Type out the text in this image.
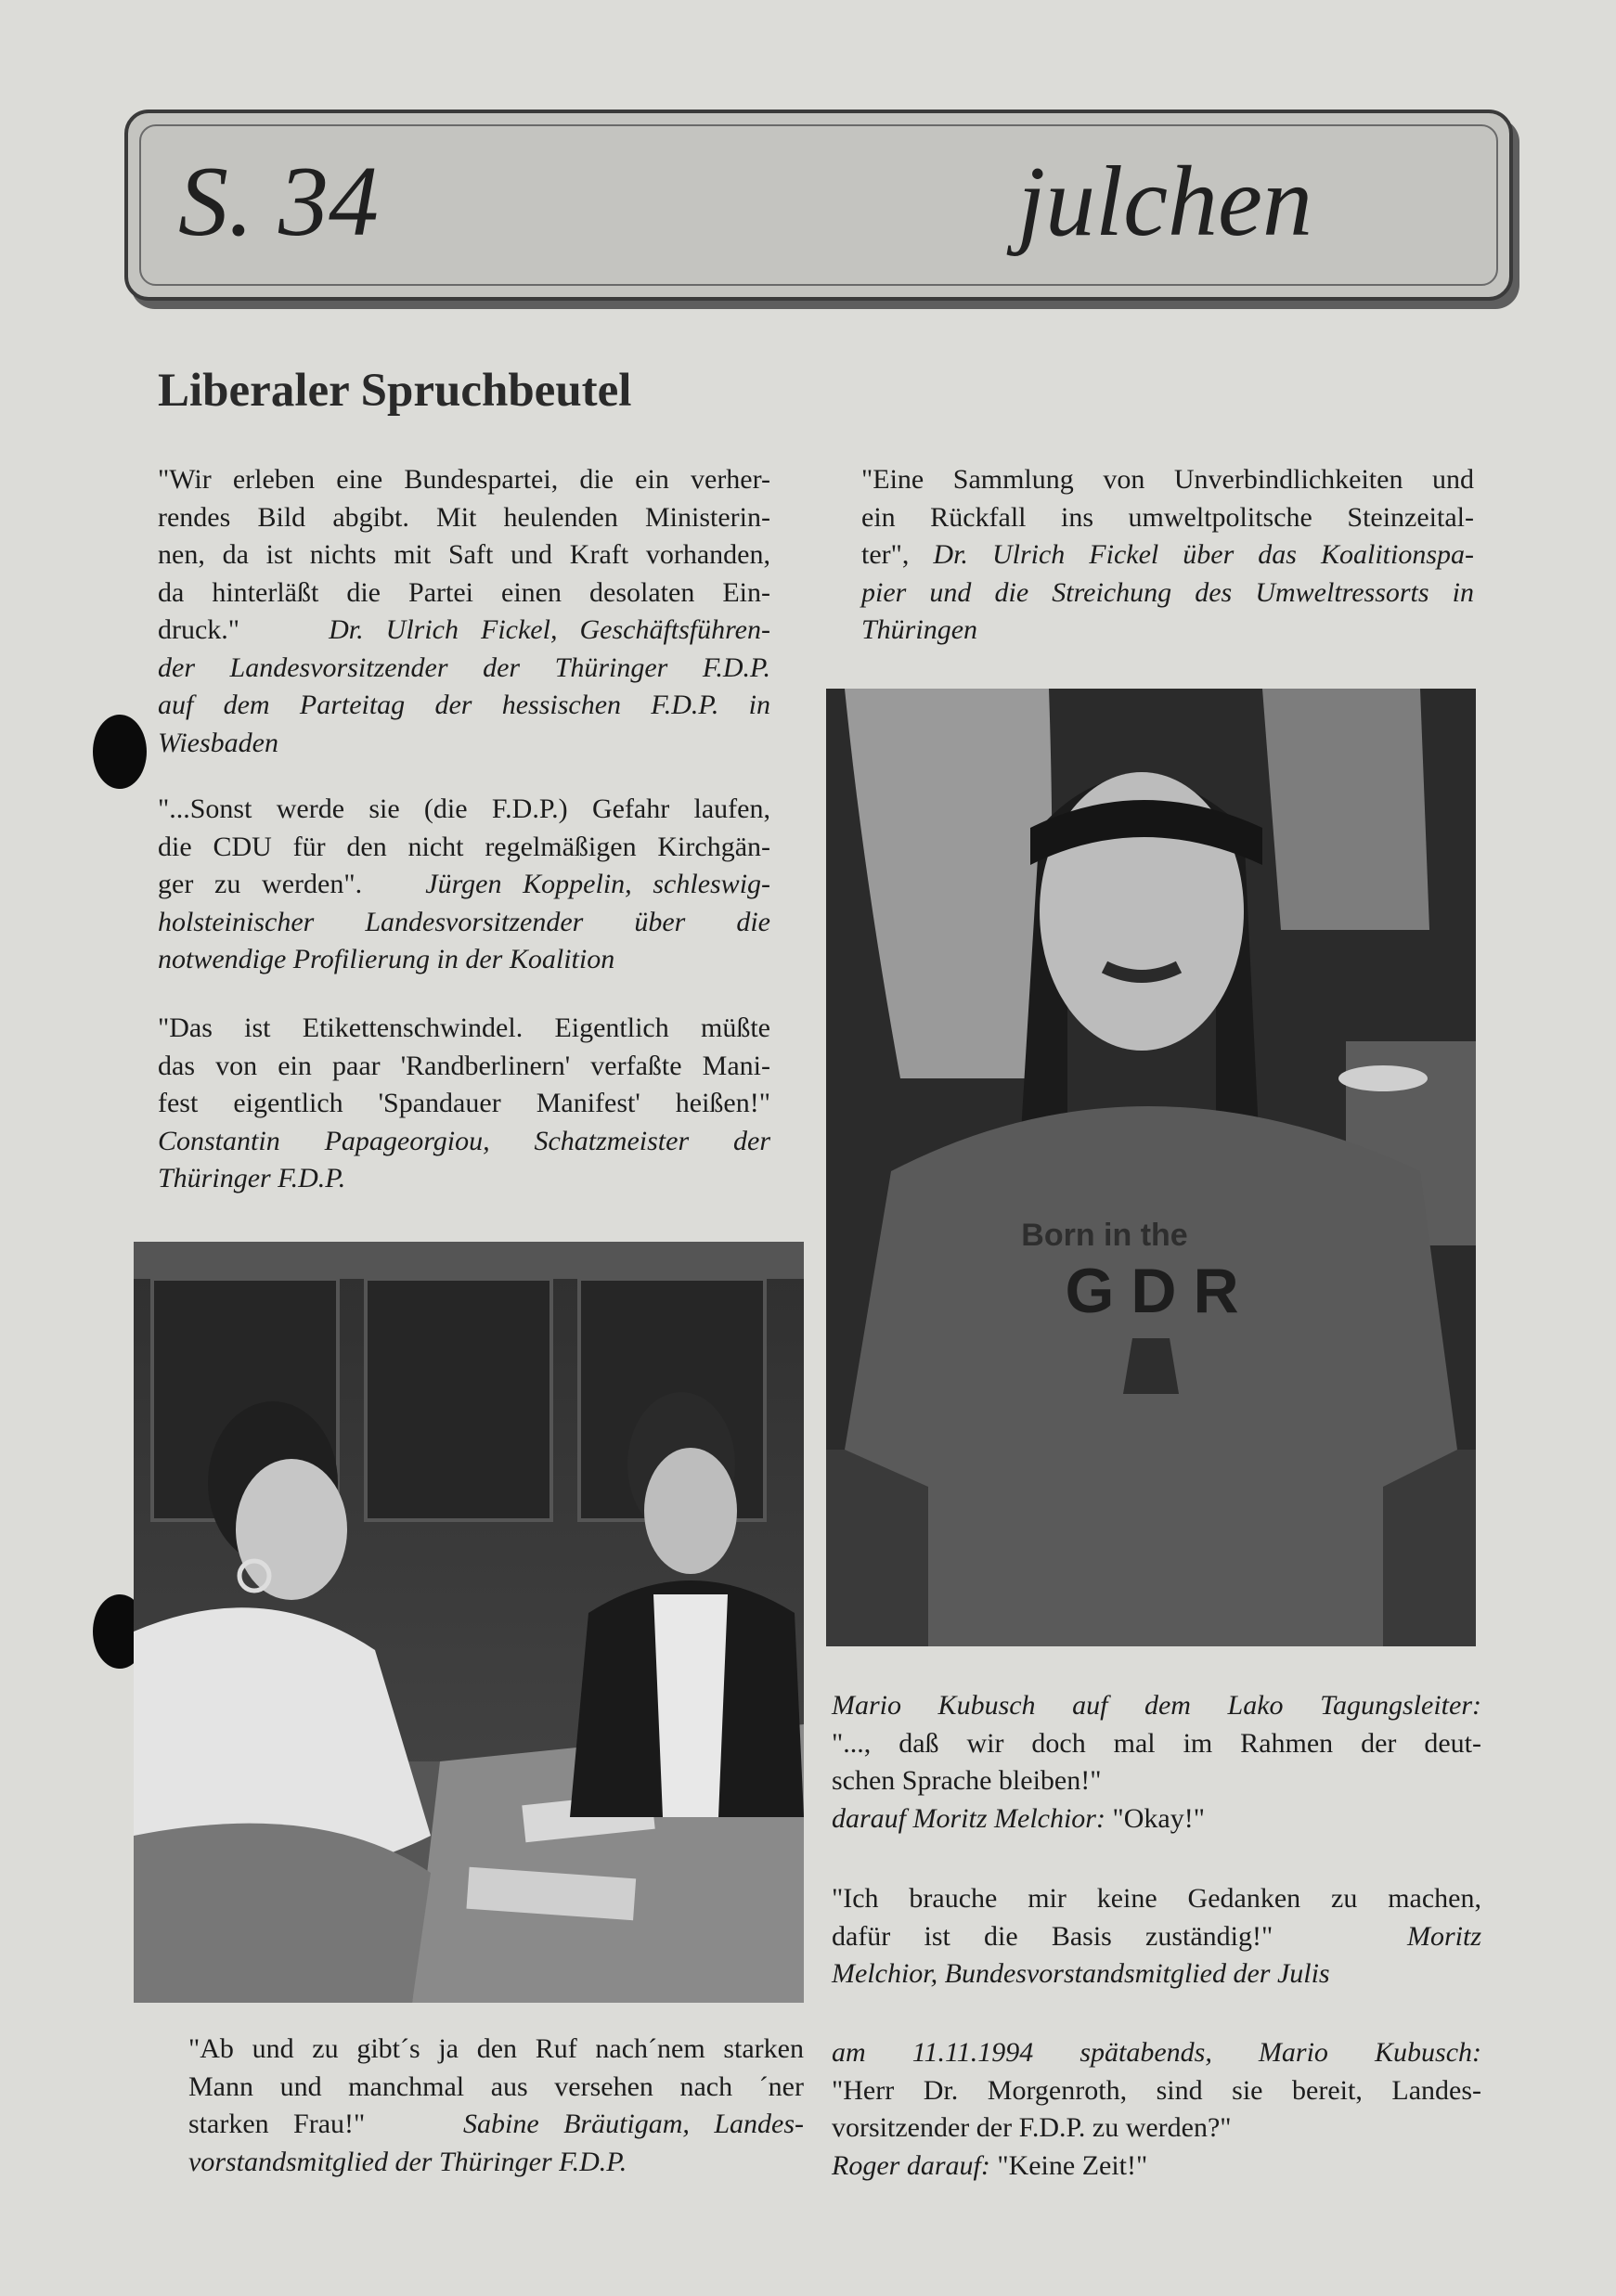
S. 34	julchen
Liberaler Spruchbeutel
"Wir erleben eine Bundespartei, die ein verher-
rendes Bild abgibt. Mit heulenden Ministerin-
nen, da ist nichts mit Saft und Kraft vorhanden,
da hinterläßt die Partei einen desolaten Ein-
druck."	Dr. Ulrich Fickel, Geschäftsführen-
der Landesvorsitzender der Thüringer F.D.P.
auf dem Parteitag der hessischen F.D.P. in
Wiesbaden
"...Sonst werde sie (die F.D.P.) Gefahr laufen,
die CDU für den nicht regelmäßigen Kirchgän-
ger zu werden". Jürgen Koppelin, schleswig-
holsteinischer Landesvorsitzender über die
notwendige Profilierung in der Koalition
"Das ist Etikettenschwindel. Eigentlich müßte
das von ein paar 'Randberlinern' verfaßte Mani-
fest eigentlich 'Spandauer Manifest' heißen!"
Constantin Papageorgiou, Schatzmeister der
Thüringer F.D.P.
"Eine Sammlung von Unverbindlichkeiten und
ein Rückfall ins umweltpolitsche Steinzeital-
ter", Dr. Ulrich Fickel über das Koalitionspa-
pier und die Streichung des Umweltressorts in
Thüringen
"Ab und zu gibt´s ja den Ruf nach´nem starken
Mann und manchmal aus versehen nach ´ner
starken Frau!"	Sabine Bräutigam, Landes-
vorstandsmitglied der Thüringer F.D.P.
Born in the
GDR
Mario Kubusch auf dem Lako Tagungsleiter:
"..., daß wir doch mal im Rahmen der deut-
schen Sprache bleiben!"
darauf Moritz Melchior: "Okay!"
"Ich brauche mir keine Gedanken zu machen,
dafür ist die Basis zuständig!"	Moritz
Melchior, Bundesvorstandsmitglied der Julis
am 11.11.1994 spätabends, Mario Kubusch:
"Herr Dr. Morgenroth, sind sie bereit, Landes-
vorsitzender der F.D.P. zu werden?"
Roger darauf: "Keine Zeit!"
